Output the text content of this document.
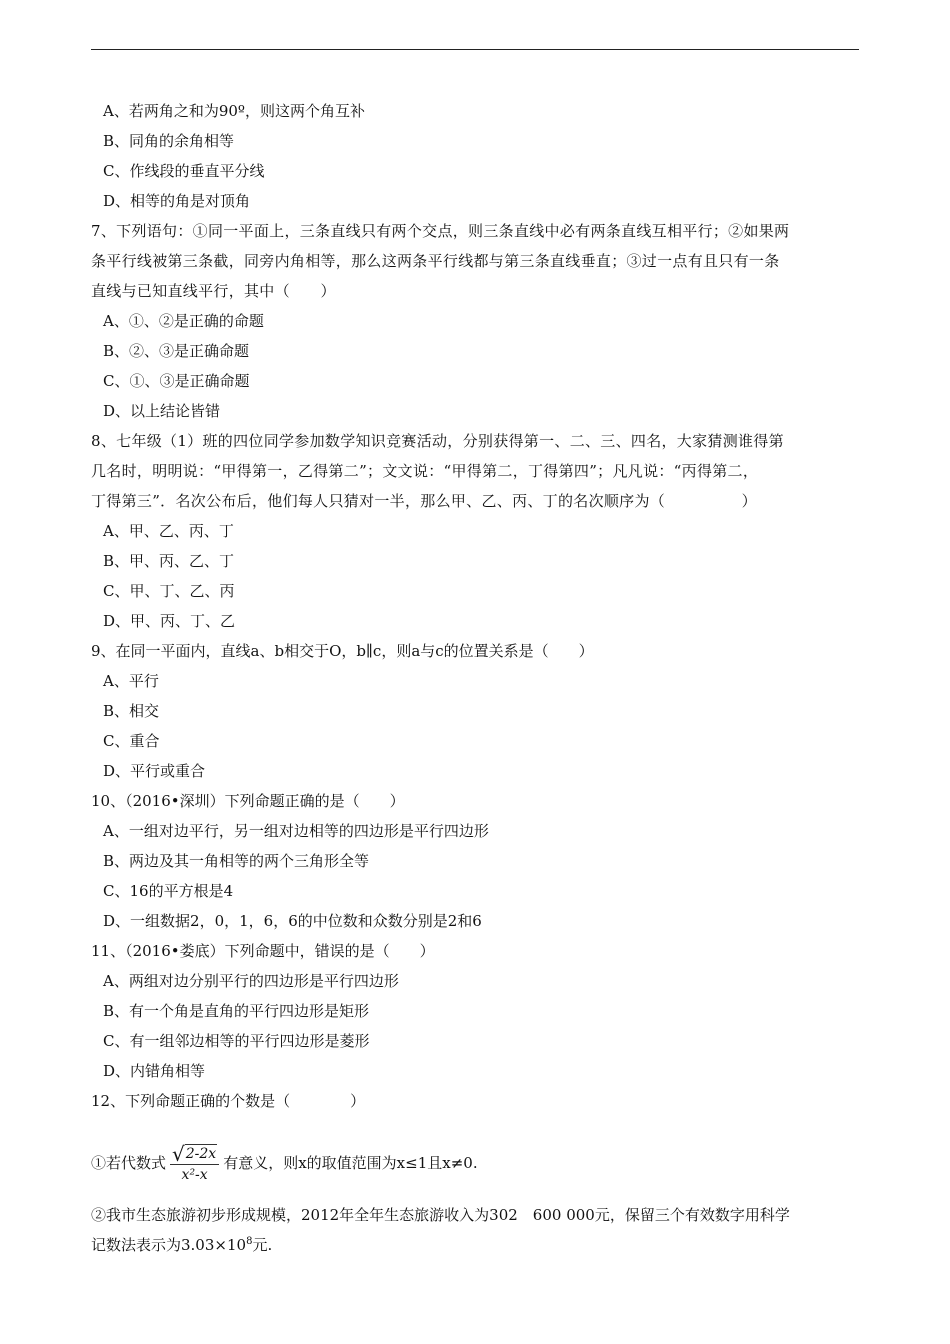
A、若两角之和为90º，则这两个角互补
B、同角的余角相等
C、作线段的垂直平分线
D、相等的角是对顶角
7、下列语句：①同一平面上，三条直线只有两个交点，则三条直线中必有两条直线互相平行；②如果两
条平行线被第三条截，同旁内角相等，那么这两条平行线都与第三条直线垂直；③过一点有且只有一条
直线与已知直线平行，其中（　　）
A、①、②是正确的命题
B、②、③是正确命题
C、①、③是正确命题
D、以上结论皆错
8、七年级（1）班的四位同学参加数学知识竞赛活动，分别获得第一、二、三、四名，大家猜测谁得第
几名时，明明说：“甲得第一，乙得第二”；文文说：“甲得第二，丁得第四”；凡凡说：“丙得第二，
丁得第三”．名次公布后，他们每人只猜对一半，那么甲、乙、丙、丁的名次顺序为（　　　　　）
A、甲、乙、丙、丁
B、甲、丙、乙、丁
C、甲、丁、乙、丙
D、甲、丙、丁、乙
9、在同一平面内，直线a、b相交于O，b∥c，则a与c的位置关系是（　　）
A、平行
B、相交
C、重合
D、平行或重合
10、（2016•深圳）下列命题正确的是（　　）
A、一组对边平行，另一组对边相等的四边形是平行四边形
B、两边及其一角相等的两个三角形全等
C、16的平方根是4
D、一组数据2，0，1，6，6的中位数和众数分别是2和6
11、（2016•娄底）下列命题中，错误的是（　　）
A、两组对边分别平行的四边形是平行四边形
B、有一个角是直角的平行四边形是矩形
C、有一组邻边相等的平行四边形是菱形
D、内错角相等
12、下列命题正确的个数是（　　　　）
①若代数式 $\frac{√ 2-2x}{\text{x²-x}}$ 有意义，则x的取值范围为x≤1且x≠0.
②我市生态旅游初步形成规模，2012年全年生态旅游收入为302　600 000元，保留三个有效数字用科学
记数法表示为$3.03\times 10^8$元.
